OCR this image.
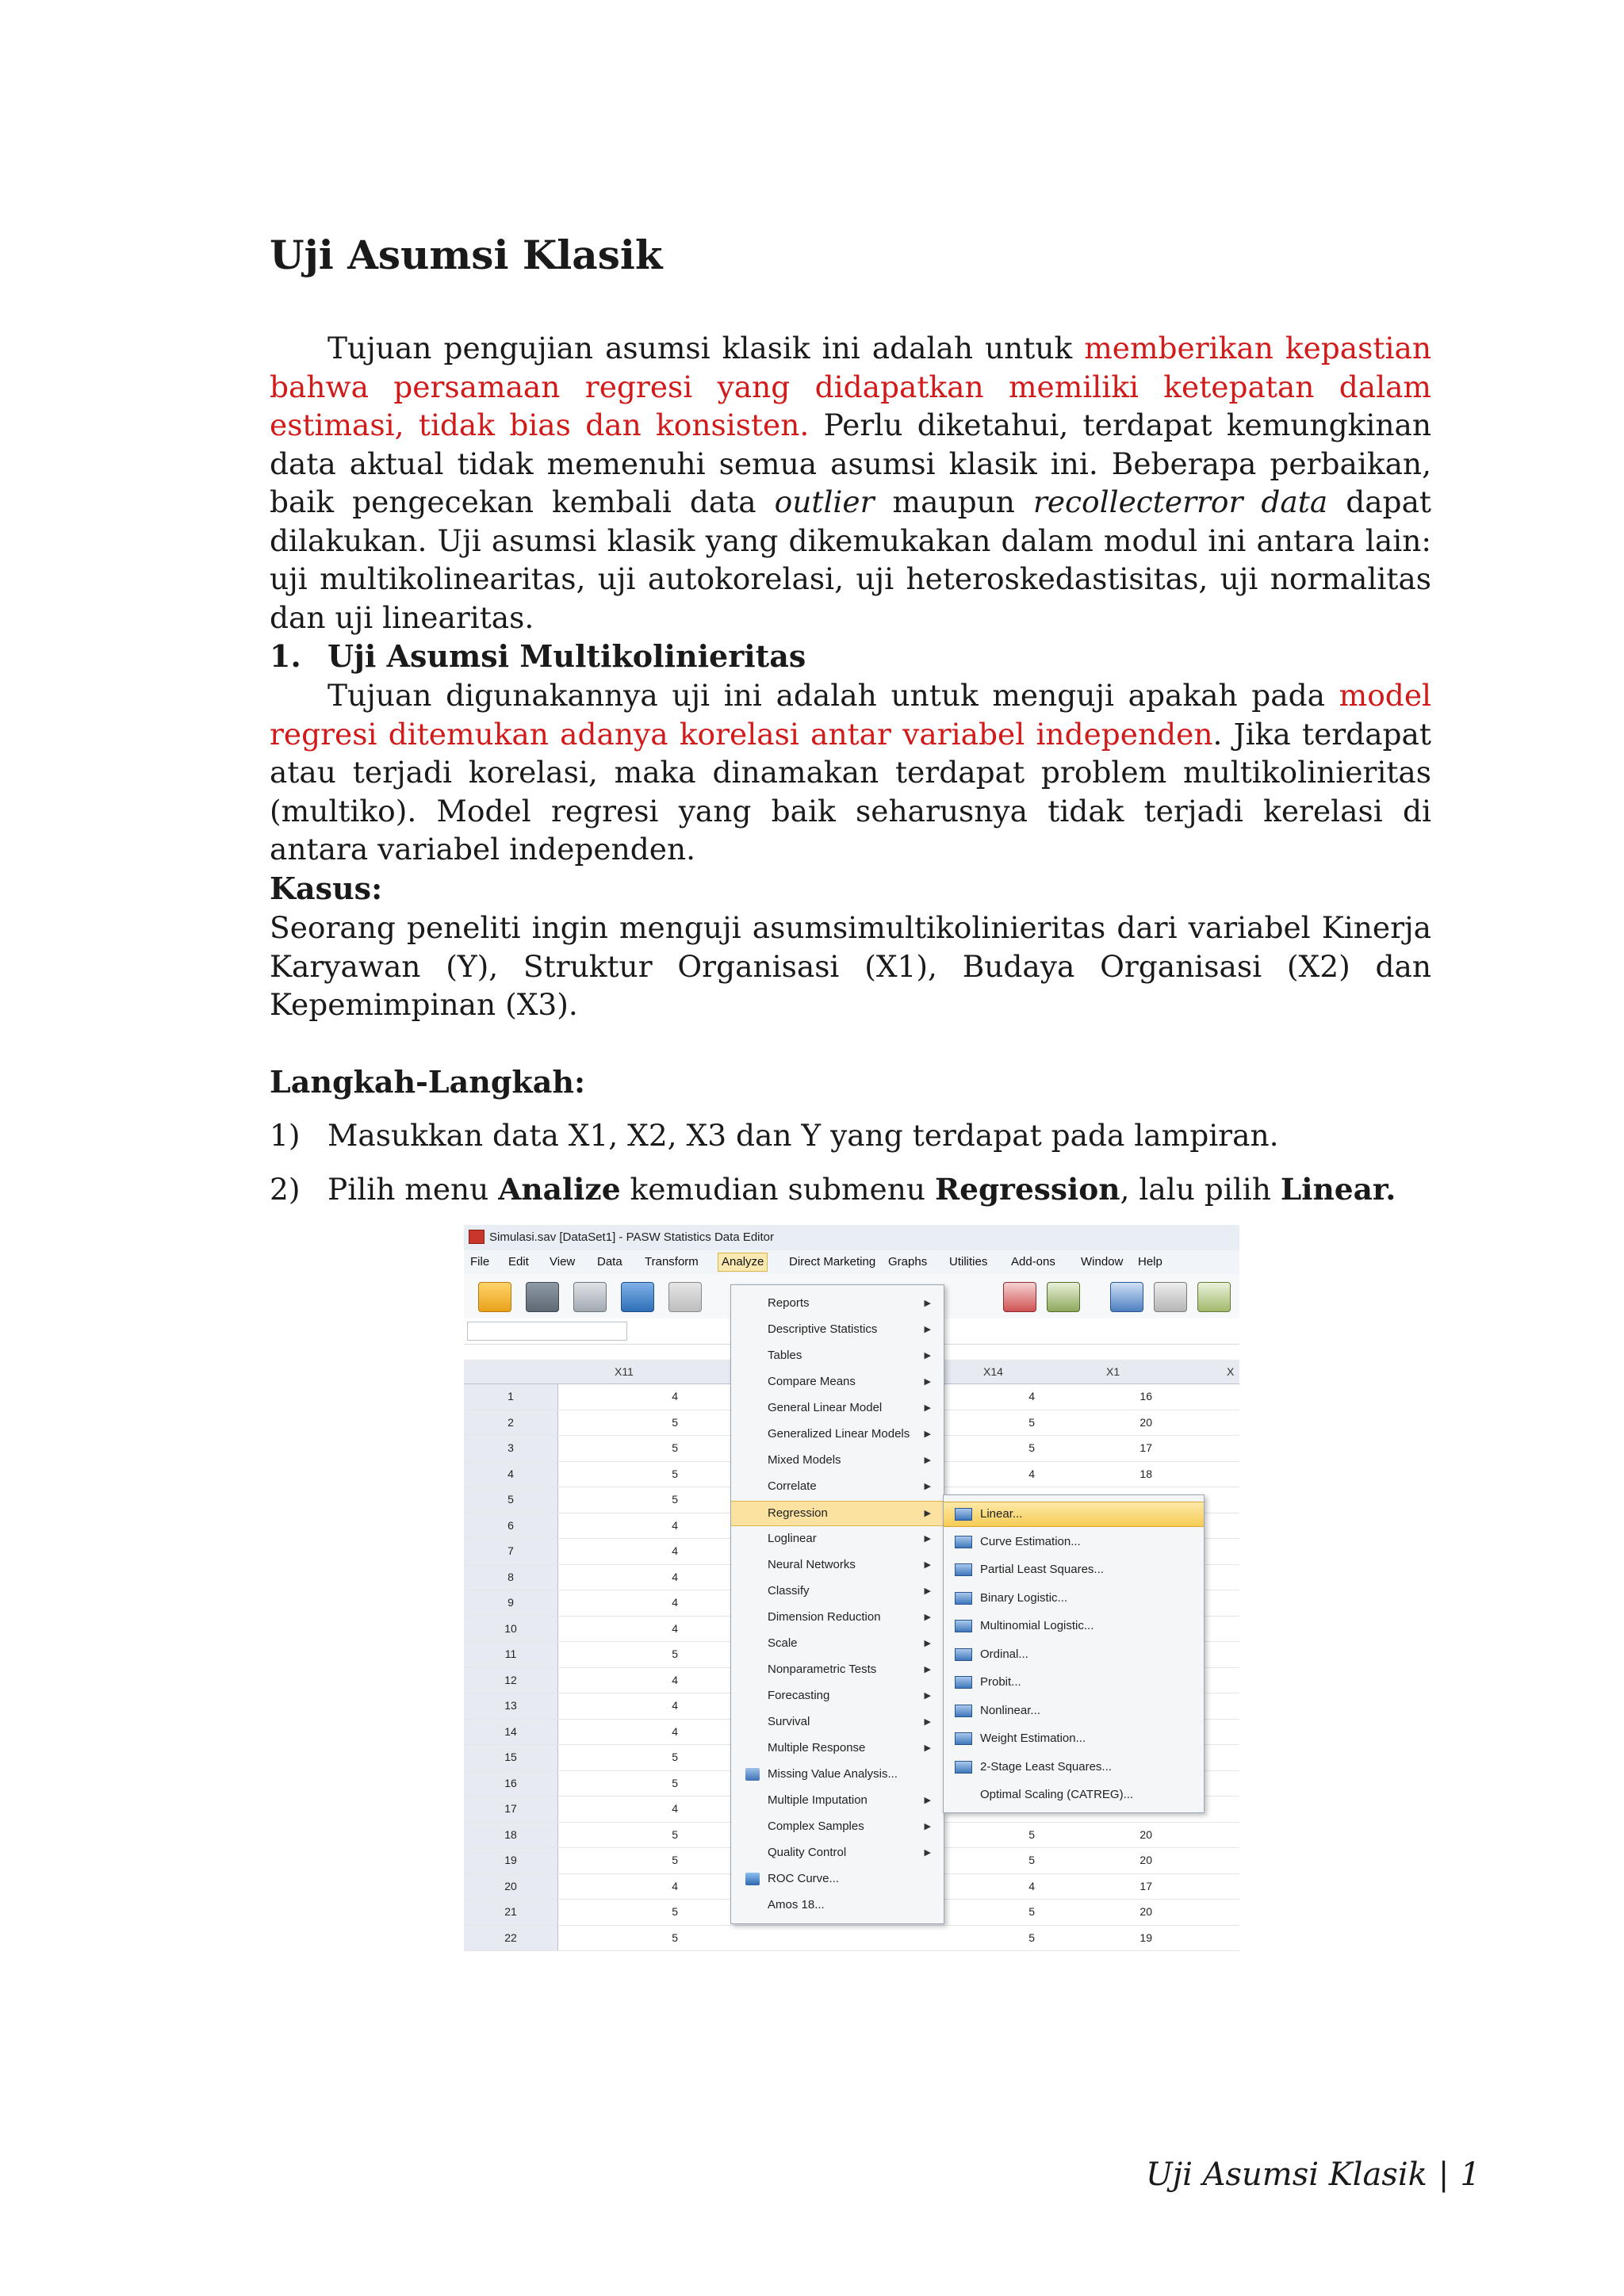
Uji Asumsi Klasik

Tujuan pengujian asumsi klasik ini adalah untuk memberikan kepastian bahwa persamaan regresi yang didapatkan memiliki ketepatan dalam estimasi, tidak bias dan konsisten. Perlu diketahui, terdapat kemungkinan data aktual tidak memenuhi semua asumsi klasik ini. Beberapa perbaikan, baik pengecekan kembali data outlier maupun recollecterror data dapat dilakukan. Uji asumsi klasik yang dikemukakan dalam modul ini antara lain: uji multikolinearitas, uji autokorelasi, uji heteroskedastisitas, uji normalitas dan uji linearitas.

1. Uji Asumsi Multikolinieritas

Tujuan digunakannya uji ini adalah untuk menguji apakah pada model regresi ditemukan adanya korelasi antar variabel independen. Jika terdapat atau terjadi korelasi, maka dinamakan terdapat problem multikolinieritas (multiko). Model regresi yang baik seharusnya tidak terjadi kerelasi di antara variabel independen.

Kasus:

Seorang peneliti ingin menguji asumsimultikolinieritas dari variabel Kinerja Karyawan (Y), Struktur Organisasi (X1), Budaya Organisasi (X2) dan Kepemimpinan (X3).

Langkah-Langkah:

1) Masukkan data X1, X2, X3 dan Y yang terdapat pada lampiran.

2) Pilih menu Analize kemudian submenu Regression, lalu pilih Linear.

Simulasi.sav [DataSet1] - PASW Statistics Data Editor
File Edit View Data Transform	Analyze	Direct Marketing Graphs Utilities Add-ons Window Help
X11	X14	X1	X
1	4	4	16
2	5	5	20
3	5	5	17
4	5	4	18
5	5
6	4
7	4
8	4
9	4
10	4
11	5
12	4
13	4
14	4
15	5
16	5
17	4
18	5	5	20
19	5	5	20
20	4	4	17
21	5	5	20
22	5	5	19
Reports	▶
Descriptive Statistics	▶
Tables	▶
Compare Means	▶
General Linear Model	▶
Generalized Linear Models ▶
Mixed Models	▶
Correlate	▶
Regression	▶
Loglinear	▶
Neural Networks	▶
Classify	▶
Dimension Reduction	▶
Scale	▶
Nonparametric Tests	▶
Forecasting	▶
Survival	▶
Multiple Response	▶
Missing Value Analysis...
Multiple Imputation	▶
Complex Samples	▶
Quality Control	▶
ROC Curve...
Amos 18...
Linear...
Curve Estimation...
Partial Least Squares...
Binary Logistic...
Multinomial Logistic...
Ordinal...
Probit...
Nonlinear...
Weight Estimation...
2-Stage Least Squares...
Optimal Scaling (CATREG)...
Uji Asumsi Klasik | 1
